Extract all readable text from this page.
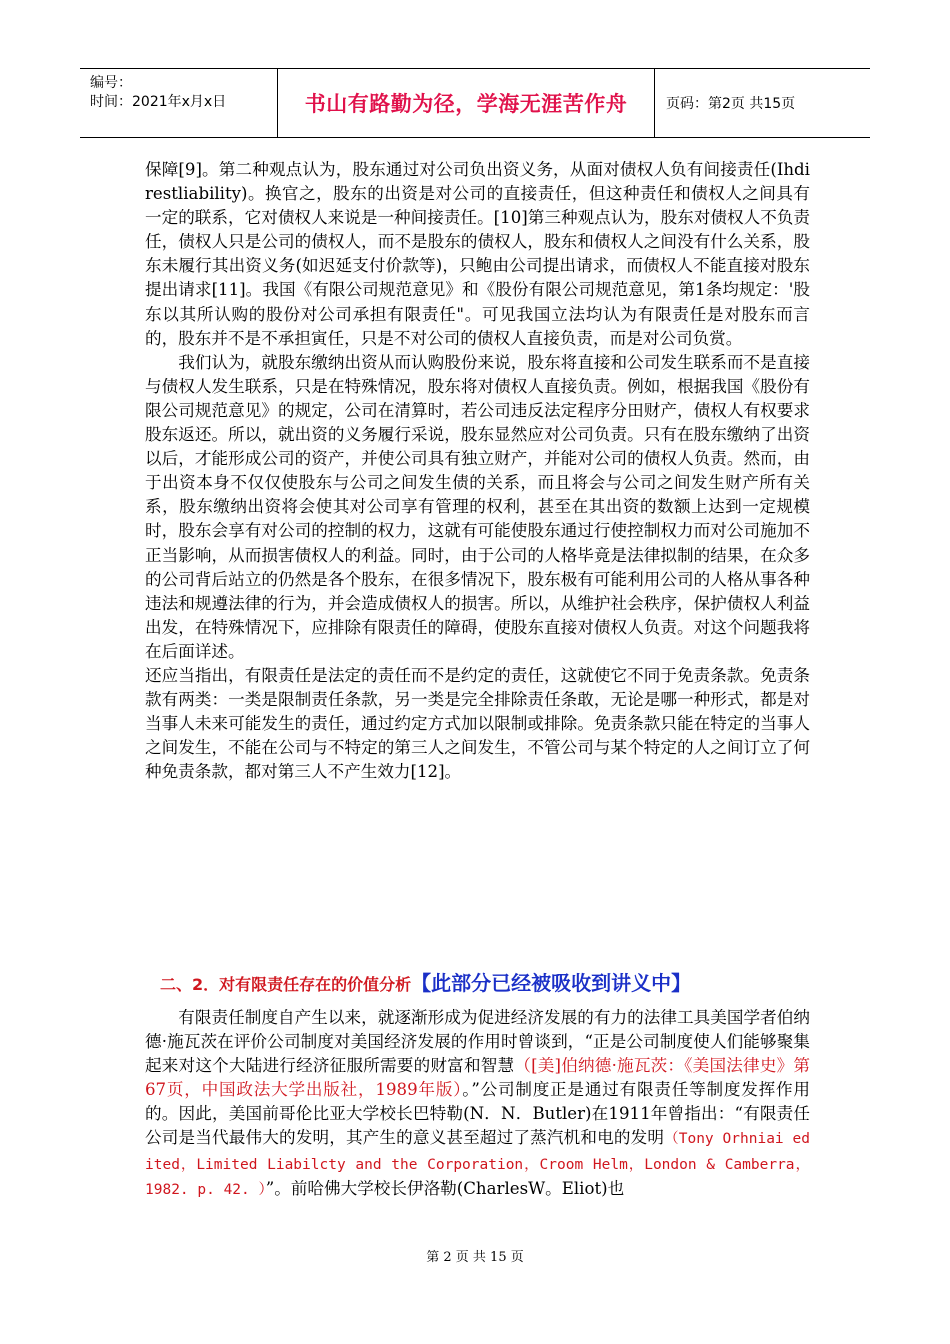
编号：
时间：2021年x月x日	书山有路勤为径，学海无涯苦作舟	页码：第2页 共15页

保障[9]。第二种观点认为，股东通过对公司负出资义务，从面对债权人负有间接责任(Ihdirestliability)。换官之，股东的出资是对公司的直接责任，但这种责任和债权人之间具有一定的联系，它对债权人来说是一种间接责任。[10]第三种观点认为，股东对债权人不负责任，债权人只是公司的债权人，而不是股东的债权人，股东和债权人之间没有什么关系，股东未履行其出资义务(如迟延支付价款等)，只鲍由公司提出请求，而债权人不能直接对股东提出请求[11]。我国《有限公司规范意见》和《股份有限公司规范意见，第1条均规定：'股东以其所认购的股份对公司承担有限责任"。可见我国立法均认为有限责任是对股东而言的，股东并不是不承担寅任，只是不对公司的债权人直接负责，而是对公司负赏。

我们认为，就股东缴纳出资从而认购股份来说，股东将直接和公司发生联系而不是直接与债权人发生联系，只是在特殊情况，股东将对债权人直接负责。例如，根据我国《股份有限公司规范意见》的规定，公司在清算时，若公司违反法定程序分田财产，债权人有权要求股东返还。所以，就出资的义务履行采说，股东显然应对公司负责。只有在股东缴纳了出资以后，才能形成公司的资产，并使公司具有独立财产，并能对公司的债权人负责。然而，由于出资本身不仅仅使股东与公司之间发生债的关系，而且将会与公司之间发生财产所有关系，股东缴纳出资将会使其对公司享有管理的权利，甚至在其出资的数额上达到一定规模时，股东会享有对公司的控制的权力，这就有可能使股东通过行使控制权力而对公司施加不正当影响，从而损害债权人的利益。同时，由于公司的人格毕竟是法律拟制的结果，在众多的公司背后站立的仍然是各个股东，在很多情况下，股东极有可能利用公司的人格从事各种违法和规遵法律的行为，并会造成债权人的损害。所以，从维护社会秩序，保护债权人利益出发，在特殊情况下，应排除有限责任的障碍，使股东直接对债权人负责。对这个问题我将在后面详述。

还应当指出，有限责任是法定的责任而不是约定的责任，这就使它不同于免责条款。免责条款有两类：一类是限制责任条款，另一类是完全排除责任条敢，无论是哪一种形式，都是对当事人未来可能发生的责任，通过约定方式加以限制或排除。免责条款只能在特定的当事人之间发生，不能在公司与不特定的第三人之间发生，不管公司与某个特定的人之间订立了何种免责条款，都对第三人不产生效力[12]。

二、2．对有限责任存在的价值分析【此部分已经被吸收到讲义中】

有限责任制度自产生以来，就逐渐形成为促进经济发展的有力的法律工具美国学者伯纳德·施瓦茨在评价公司制度对美国经济发展的作用时曾谈到，“正是公司制度使人们能够聚集起来对这个大陆进行经济征服所需要的财富和智慧（[美]伯纳德·施瓦茨：《美国法律史》第67页，中国政法大学出版社，1989年版）。”公司制度正是通过有限责任等制度发挥作用的。因此，美国前哥伦比亚大学校长巴特勒(N．N．Butler)在1911年曾指出：“有限责任公司是当代最伟大的发明，其产生的意义甚至超过了蒸汽机和电的发明（Tony Orhniai edited，Limited Liabilcty and the Corporation，Croom Helm，London & Camberra， 1982. p. 42. ）”。前哈佛大学校长伊洛勒(CharlesW。Eliot)也

第 2 页 共 15 页
